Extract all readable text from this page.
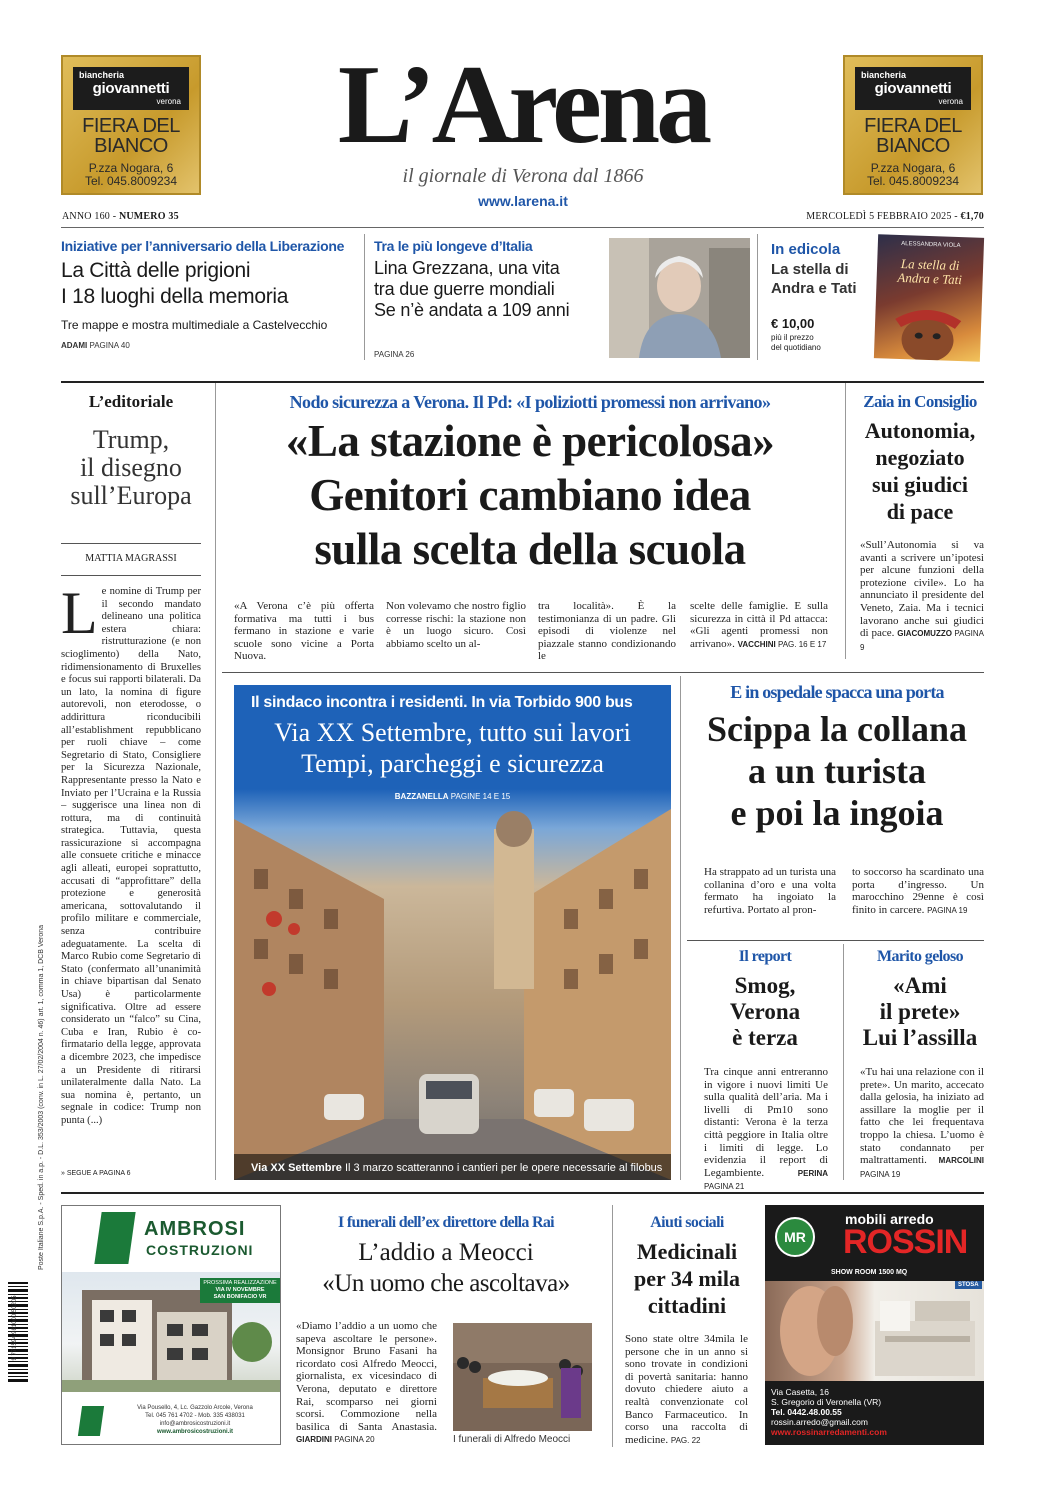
biancheria
giovannetti
verona
FIERA DEL BIANCO
P.zza Nogara, 6
Tel. 045.8009234
biancheria
giovannetti
verona
FIERA DEL BIANCO
P.zza Nogara, 6
Tel. 045.8009234
L’Arena
il giornale di Verona dal 1866
www.larena.it
ANNO 160 - NUMERO 35	MERCOLEDÌ 5 FEBBRAIO 2025 - €1,70
Iniziative per l’anniversario della Liberazione
La Città delle prigioni
I 18 luoghi della memoria
Tre mappe e mostra multimediale a Castelvecchio
ADAMI PAGINA 40
Tra le più longeve d’Italia
Lina Grezzana, una vita
tra due guerre mondiali
Se n’è andata a 109 anni
PAGINA 26
In edicola
La stella di
Andra e Tati
€ 10,00
più il prezzo
del quotidiano
ALESSANDRA VIOLA
La stella di Andra e Tati
L’editoriale
Trump,
il disegno
sull’Europa
MATTIA MAGRASSI
L e nomine di Trump per il secondo mandato delineano una politica estera chiara: ristrutturazione (e non scioglimento) della Nato, ridimensionamento di Bruxelles e focus sui rapporti bilaterali. Da un lato, la nomina di figure autorevoli, non eterodosse, o addirittura riconducibili all’establishment repubblicano per ruoli chiave – come Segretario di Stato, Consigliere per la Sicurezza Nazionale, Rappresentante presso la Nato e Inviato per l’Ucraina e la Russia – suggerisce una linea non di rottura, ma di continuità strategica. Tuttavia, questa rassicurazione si accompagna alle consuete critiche e minacce agli alleati, europei soprattutto, accusati di “approfittare” della protezione e generosità americana, sottovalutando il profilo militare e commerciale, senza contribuire adeguatamente. La scelta di Marco Rubio come Segretario di Stato (confermato all’unanimità in chiave bipartisan dal Senato Usa) è particolarmente significativa. Oltre ad essere considerato un “falco” su Cina, Cuba e Iran, Rubio è co-firmatario della legge, approvata a dicembre 2023, che impedisce a un Presidente di ritirarsi unilateralmente dalla Nato. La sua nomina è, pertanto, un segnale in codice: Trump non punta (...)
» SEGUE A PAGINA 6
Nodo sicurezza a Verona. Il Pd: «I poliziotti promessi non arrivano»
«La stazione è pericolosa»
Genitori cambiano idea
sulla scelta della scuola
«A Verona c’è più offerta formativa ma tutti i bus fermano in stazione e varie scuole sono vicine a Porta Nuova.
Non volevamo che nostro figlio corresse rischi: la stazione non è un luogo sicuro. Così abbiamo scelto un al-
tra località». È la testimonianza di un padre. Gli episodi di violenze nel piazzale stanno condizionando le
scelte delle famiglie. E sulla sicurezza in città il Pd attacca: «Gli agenti promessi non arrivano». VACCHINI PAG. 16 E 17
Zaia in Consiglio
Autonomia,
negoziato
sui giudici
di pace
«Sull’Autonomia si va avanti a scrivere un’ipotesi per alcune funzioni della protezione civile». Lo ha annunciato il presidente del Veneto, Zaia. Ma i tecnici lavorano anche sui giudici di pace. GIACOMUZZO PAGINA 9
Il sindaco incontra i residenti. In via Torbido 900 bus
Via XX Settembre, tutto sui lavori
Tempi, parcheggi e sicurezza
BAZZANELLA PAGINE 14 E 15
Via XX Settembre Il 3 marzo scatteranno i cantieri per le opere necessarie al filobus
E in ospedale spacca una porta
Scippa la collana
a un turista
e poi la ingoia
Ha strappato ad un turista una collanina d’oro e una volta fermato ha ingoiato la refurtiva. Portato al pron-
to soccorso ha scardinato una porta d’ingresso. Un marocchino 29enne è così finito in carcere. PAGINA 19
Il report
Smog,
Verona
è terza
Tra cinque anni entreranno in vigore i nuovi limiti Ue sulla qualità dell’aria. Ma i livelli di Pm10 sono distanti: Verona è la terza città peggiore in Italia oltre i limiti di legge. Lo evidenzia il report di Legambiente.	PERINA PAGINA 21
Marito geloso
«Ami
il prete»
Lui l’assilla
«Tu hai una relazione con il prete». Un marito, accecato dalla gelosia, ha iniziato ad assillare la moglie per il fatto che lei frequentava troppo la chiesa. L’uomo è stato condannato per maltrattamenti. MARCOLINI PAGINA 19
Poste Italiane S.p.A. - Sped. in a.p. - D.L. 353/2003 (conv. in L. 27/02/2004 n. 46) art. 1, comma 1, DCB Verona
9 771594 981000 50205
AMBROSI
COSTRUZIONI
PROSSIMA REALIZZAZIONE
VIA IV NOVEMBRE
SAN BONIFACIO VR
Via Pousello, 4, Lc. Gazzolo Arcole, Verona
Tel. 045 761 4702 - Mob. 335 438031
info@ambrosicostruzioni.it
www.ambrosicostruzioni.it
I funerali dell’ex direttore della Rai
L’addio a Meocci
«Un uomo che ascoltava»
«Diamo l’addio a un uomo che sapeva ascoltare le persone». Monsignor Bruno Fasani ha ricordato così Alfredo Meocci, giornalista, ex vicesindaco di Verona, deputato e direttore Rai, scomparso nei giorni scorsi. Commozione nella basilica di Santa Anastasia. GIARDINI PAGINA 20	I funerali di Alfredo Meocci
Aiuti sociali
Medicinali
per 34 mila
cittadini
Sono state oltre 34mila le persone che in un anno si sono trovate in condizioni di povertà sanitaria: hanno dovuto chiedere aiuto a realtà convenzionate col Banco Farmaceutico. In corso una raccolta di medicine. PAG. 22
MR
mobili arredo
ROSSIN
SHOW ROOM 1500 MQ
STOSA
Via Casetta, 16
S. Gregorio di Veronella (VR)
Tel. 0442.48.00.55
rossin.arredo@gmail.com
www.rossinarredamenti.com
